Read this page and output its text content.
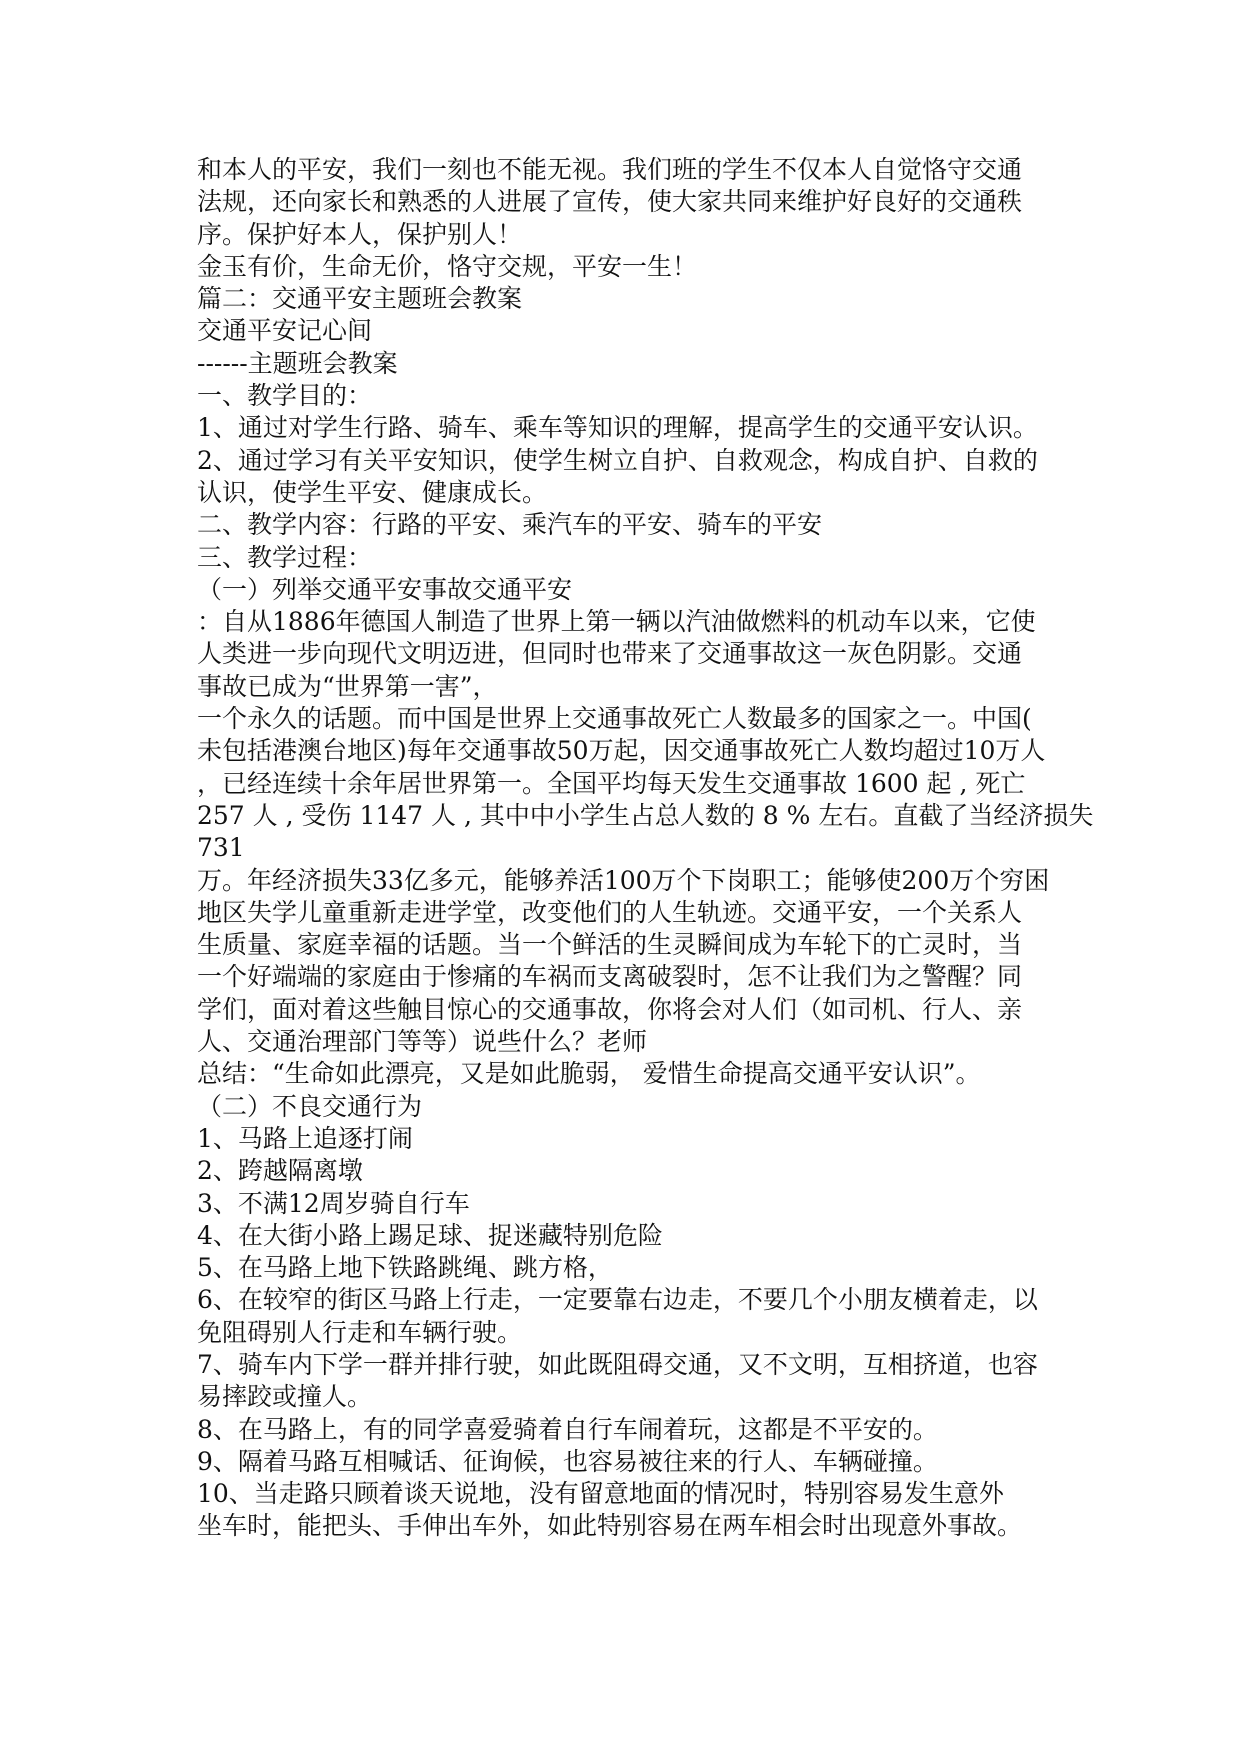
和本人的平安，我们一刻也不能无视。我们班的学生不仅本人自觉恪守交通
法规，还向家长和熟悉的人进展了宣传，使大家共同来维护好良好的交通秩
序。保护好本人，保护别人！
金玉有价，生命无价，恪守交规，平安一生！
篇二：交通平安主题班会教案
交通平安记心间
------主题班会教案
一、教学目的：
1、通过对学生行路、骑车、乘车等知识的理解，提高学生的交通平安认识。
2、通过学习有关平安知识，使学生树立自护、自救观念，构成自护、自救的
认识，使学生平安、健康成长。
二、教学内容：行路的平安、乘汽车的平安、骑车的平安
三、教学过程：
（一）列举交通平安事故交通平安
：自从1886年德国人制造了世界上第一辆以汽油做燃料的机动车以来，它使
人类进一步向现代文明迈进，但同时也带来了交通事故这一灰色阴影。交通
事故已成为“世界第一害”，
一个永久的话题。而中国是世界上交通事故死亡人数最多的国家之一。中国(
未包括港澳台地区)每年交通事故50万起，因交通事故死亡人数均超过10万人
，已经连续十余年居世界第一。全国平均每天发生交通事故 1600 起 , 死亡
257 人 , 受伤 1147 人 , 其中中小学生占总人数的 8 % 左右。直截了当经济损失
731
万。年经济损失33亿多元，能够养活100万个下岗职工；能够使200万个穷困
地区失学儿童重新走进学堂，改变他们的人生轨迹。交通平安，一个关系人
生质量、家庭幸福的话题。当一个鲜活的生灵瞬间成为车轮下的亡灵时，当
一个好端端的家庭由于惨痛的车祸而支离破裂时，怎不让我们为之警醒？同
学们，面对着这些触目惊心的交通事故，你将会对人们（如司机、行人、亲
人、交通治理部门等等）说些什么？老师
总结：“生命如此漂亮，又是如此脆弱， 爱惜生命提高交通平安认识”。
（二）不良交通行为
1、马路上追逐打闹
2、跨越隔离墩
3、不满12周岁骑自行车
4、在大街小路上踢足球、捉迷藏特别危险
5、在马路上地下铁路跳绳、跳方格，
6、在较窄的街区马路上行走，一定要靠右边走，不要几个小朋友横着走，以
免阻碍别人行走和车辆行驶。
7、骑车内下学一群并排行驶，如此既阻碍交通，又不文明，互相挤道，也容
易摔跤或撞人。
8、在马路上，有的同学喜爱骑着自行车闹着玩，这都是不平安的。
9、隔着马路互相喊话、征询候，也容易被往来的行人、车辆碰撞。
10、当走路只顾着谈天说地，没有留意地面的情况时，特别容易发生意外
坐车时，能把头、手伸出车外，如此特别容易在两车相会时出现意外事故。
